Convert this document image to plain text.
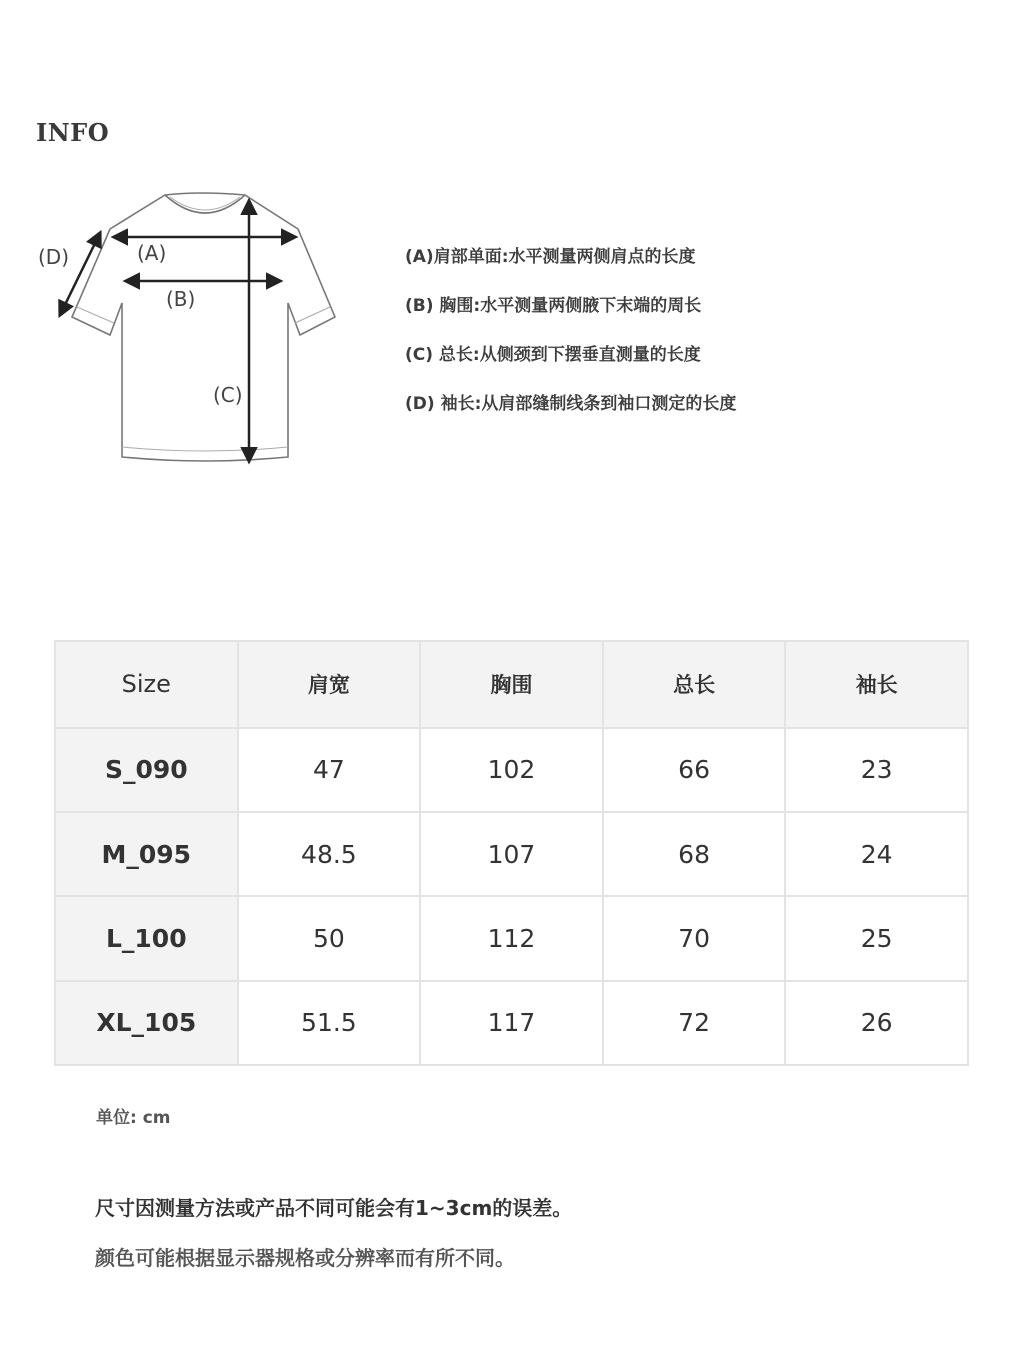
INFO
(A)
(B)
(C)
(D)	(A)肩部单面:水平测量两侧肩点的长度
(B) 胸围:水平测量两侧腋下末端的周长
(C) 总长:从侧颈到下摆垂直测量的长度
(D) 袖长:从肩部缝制线条到袖口测定的长度
Size	肩宽	胸围	总长	袖长
S_090	47	102	66	23
M_095	48.5	107	68	24
L_100	50	112	70	25
XL_105	51.5	117	72	26
单位: cm
尺寸因测量方法或产品不同可能会有1~3cm的误差。
颜色可能根据显示器规格或分辨率而有所不同。
